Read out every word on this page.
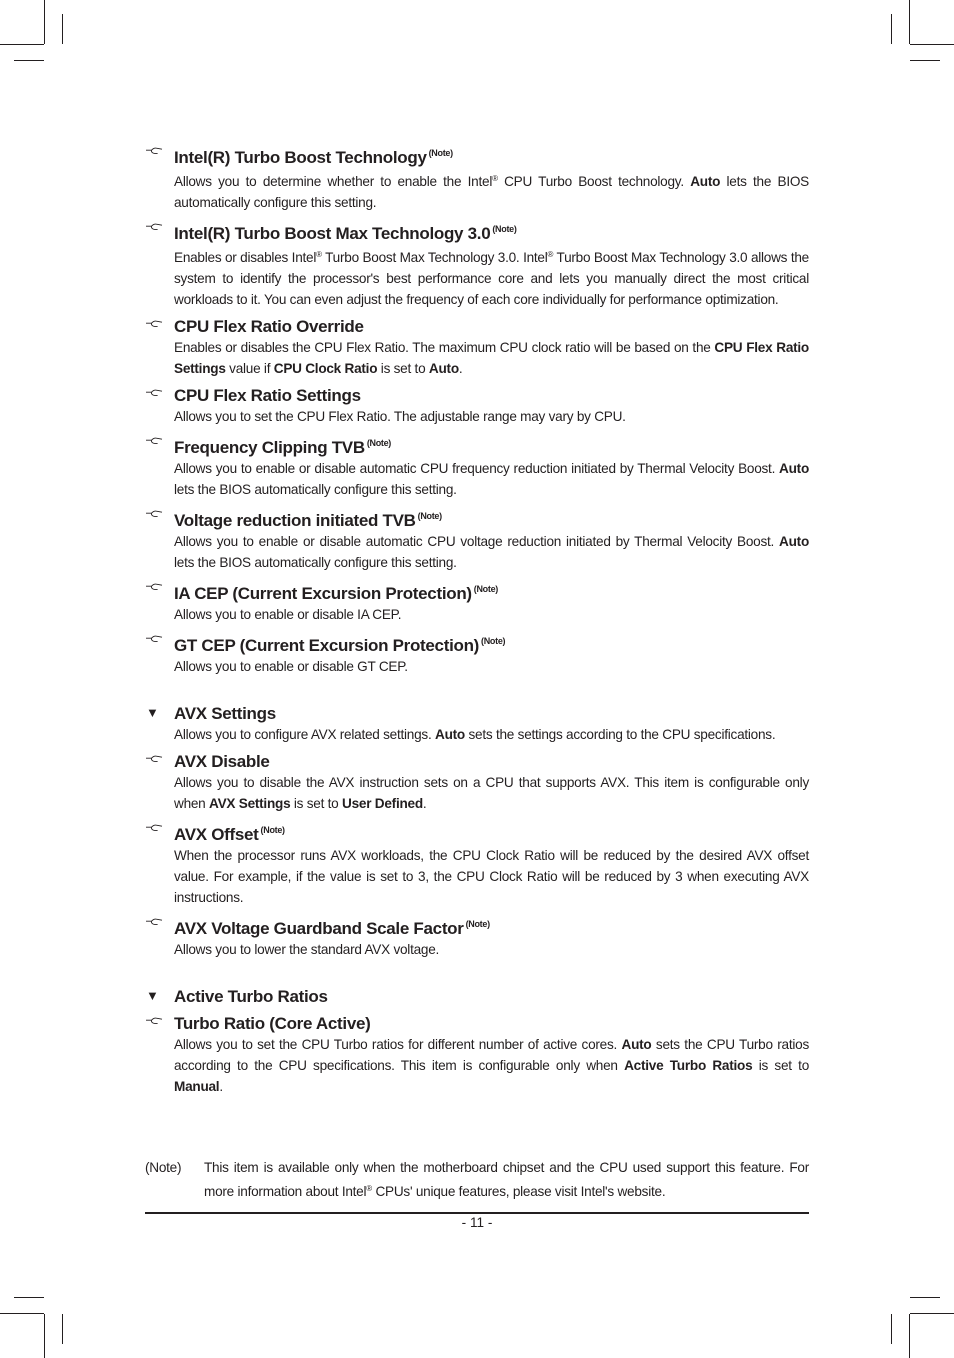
Intel(R) Turbo Boost Technology $^{(Note)}$
Allows you to determine whether to enable the Intel® CPU Turbo Boost technology. Auto lets the BIOS automatically configure this setting.
Intel(R) Turbo Boost Max Technology 3.0 $^{(Note)}$
Enables or disables Intel® Turbo Boost Max Technology 3.0. Intel® Turbo Boost Max Technology 3.0 allows the system to identify the processor's best performance core and lets you manually direct the most critical workloads to it. You can even adjust the frequency of each core individually for performance optimization.
CPU Flex Ratio Override
Enables or disables the CPU Flex Ratio. The maximum CPU clock ratio will be based on the CPU Flex Ratio Settings value if CPU Clock Ratio is set to Auto.
CPU Flex Ratio Settings
Allows you to set the CPU Flex Ratio. The adjustable range may vary by CPU.
Frequency Clipping TVB $^{(Note)}$
Allows you to enable or disable automatic CPU frequency reduction initiated by Thermal Velocity Boost. Auto lets the BIOS automatically configure this setting.
Voltage reduction initiated TVB $^{(Note)}$
Allows you to enable or disable automatic CPU voltage reduction initiated by Thermal Velocity Boost. Auto lets the BIOS automatically configure this setting.
IA CEP (Current Excursion Protection) $^{(Note)}$
Allows you to enable or disable IA CEP.
GT CEP (Current Excursion Protection) $^{(Note)}$
Allows you to enable or disable GT CEP.
▼ AVX Settings
Allows you to configure AVX related settings. Auto sets the settings according to the CPU specifications.
AVX Disable
Allows you to disable the AVX instruction sets on a CPU that supports AVX. This item is configurable only when AVX Settings is set to User Defined.
AVX Offset $^{(Note)}$
When the processor runs AVX workloads, the CPU Clock Ratio will be reduced by the desired AVX offset value. For example, if the value is set to 3, the CPU Clock Ratio will be reduced by 3 when executing AVX instructions.
AVX Voltage Guardband Scale Factor $^{(Note)}$
Allows you to lower the standard AVX voltage.
▼ Active Turbo Ratios
Turbo Ratio (Core Active)
Allows you to set the CPU Turbo ratios for different number of active cores. Auto sets the CPU Turbo ratios according to the CPU specifications. This item is configurable only when Active Turbo Ratios is set to Manual.
(Note) This item is available only when the motherboard chipset and the CPU used support this feature. For more information about Intel® CPUs' unique features, please visit Intel's website.
- 11 -
